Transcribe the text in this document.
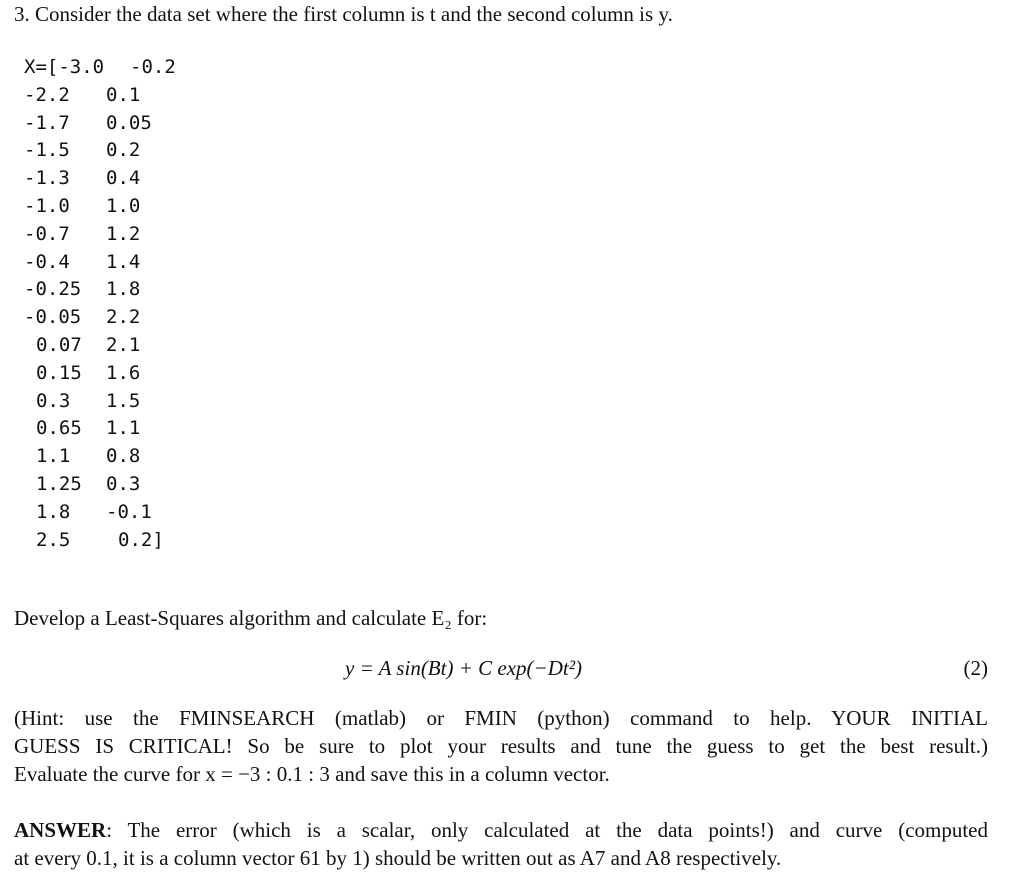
3. Consider the data set where the first column is t and the second column is y.
X=[-3.0 -0.2
-2.2 0.1
-1.7 0.05
-1.5 0.2
-1.3 0.4
-1.0 1.0
-0.7 1.2
-0.4 1.4
-0.25 1.8
-0.05 2.2
0.07 2.1
0.15 1.6
0.3 1.5
0.65 1.1
1.1 0.8
1.25 0.3
1.8 -0.1
2.5	0.2]
Develop a Least-Squares algorithm and calculate E₂ for:
y = A sin(Bt) + C exp(−Dt²)	(2)
(Hint: use the FMINSEARCH (matlab) or FMIN (python) command to help. YOUR INITIAL
GUESS IS CRITICAL! So be sure to plot your results and tune the guess to get the best result.)
Evaluate the curve for x = −3 : 0.1 : 3 and save this in a column vector.
ANSWER: The error (which is a scalar, only calculated at the data points!) and curve (computed
at every 0.1, it is a column vector 61 by 1) should be written out as A7 and A8 respectively.
